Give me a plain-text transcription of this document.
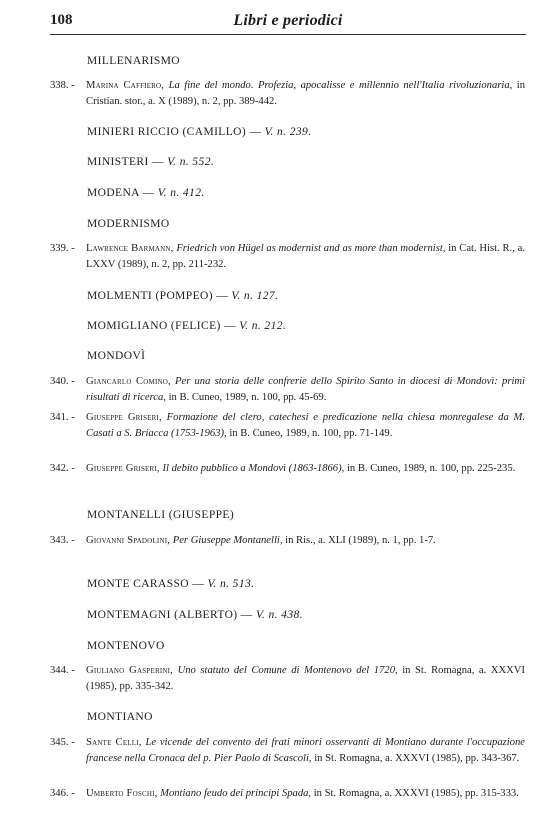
108	Libri e periodici
MILLENARISMO
338. -	Marina Caffiero, La fine del mondo. Profezia, apocalisse e millennio nell'Italia rivoluzionaria, in Cristian. stor., a. X (1989), n. 2, pp. 389-442.
MINIERI RICCIO (CAMILLO) — V. n. 239.
MINISTERI — V. n. 552.
MODENA — V. n. 412.
MODERNISMO
339. -	Lawrence Barmann, Friedrich von Hügel as modernist and as more than modernist, in Cat. Hist. R., a. LXXV (1989), n. 2, pp. 211-232.
MOLMENTI (POMPEO) — V. n. 127.
MOMIGLIANO (FELICE) — V. n. 212.
MONDOVÌ
340. -	Giancarlo Comino, Per una storia delle confrerie dello Spirito Santo in diocesi di Mondovì: primi risultati di ricerca, in B. Cuneo, 1989, n. 100, pp. 45-69.
341. -	Giuseppe Griseri, Formazione del clero, catechesi e predicazione nella chiesa monregalese da M. Casati a S. Briacca (1753-1963), in B. Cuneo, 1989, n. 100, pp. 71-149.
342. -	Giuseppe Griseri, Il debito pubblico a Mondovì (1863-1866), in B. Cuneo, 1989, n. 100, pp. 225-235.
MONTANELLI (GIUSEPPE)
343. -	Giovanni Spadolini, Per Giuseppe Montanelli, in Ris., a. XLI (1989), n. 1, pp. 1-7.
MONTE CARASSO — V. n. 513.
MONTEMAGNI (ALBERTO) — V. n. 438.
MONTENOVO
344. -	Giuliano Gasperini, Uno statuto del Comune di Montenovo del 1720, in St. Romagna, a. XXXVI (1985), pp. 335-342.
MONTIANO
345. -	Sante Celli, Le vicende del convento dei frati minori osservanti di Montiano durante l'occupazione francese nella Cronaca del p. Pier Paolo di Scascoli, in St. Romagna, a. XXXVI (1985), pp. 343-367.
346. -	Umberto Foschi, Montiano feudo dei principi Spada, in St. Romagna, a. XXXVI (1985), pp. 315-333.
